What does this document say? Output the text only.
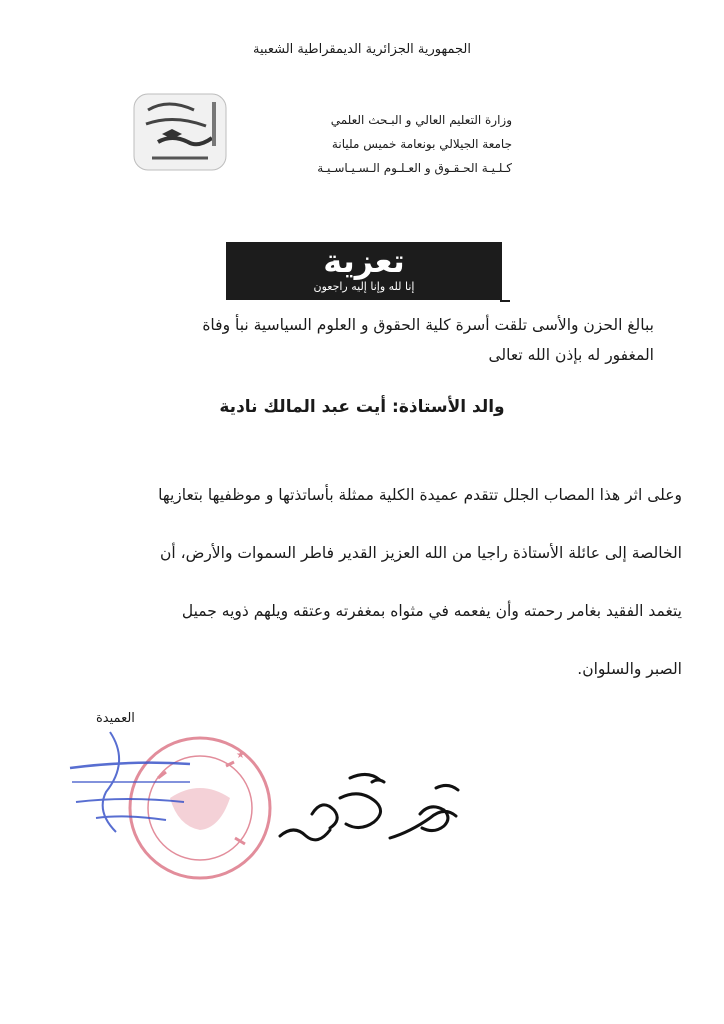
الجمهورية الجزائرية الديمقراطية الشعبية
وزارة التعليم العالي و البـحث العلمي
جامعة الجيلالي بونعامة خميس مليانة
كـلـيـة الحـقـوق و العـلـوم الـسـيـاسـيـة
تعزية
إنا لله وإنا إليه راجعون
ببالغ الحزن والأسى تلقت أسرة كلية الحقوق و العلوم السياسية نبأ وفاة
المغفور له بإذن الله تعالى
والد الأستاذة: أيت عبد المالك نادية
وعلى اثر هذا المصاب الجلل تتقدم عميدة الكلية ممثلة بأساتذتها و موظفيها بتعازيها
الخالصة إلى عائلة الأستاذة راجيا من الله العزيز القدير فاطر السموات والأرض، أن
يتغمد الفقيد بغامر رحمته وأن يفعمه في مثواه بمغفرته وعتقه ويلهم ذويه جميل
الصبر والسلوان.
العميدة
★
